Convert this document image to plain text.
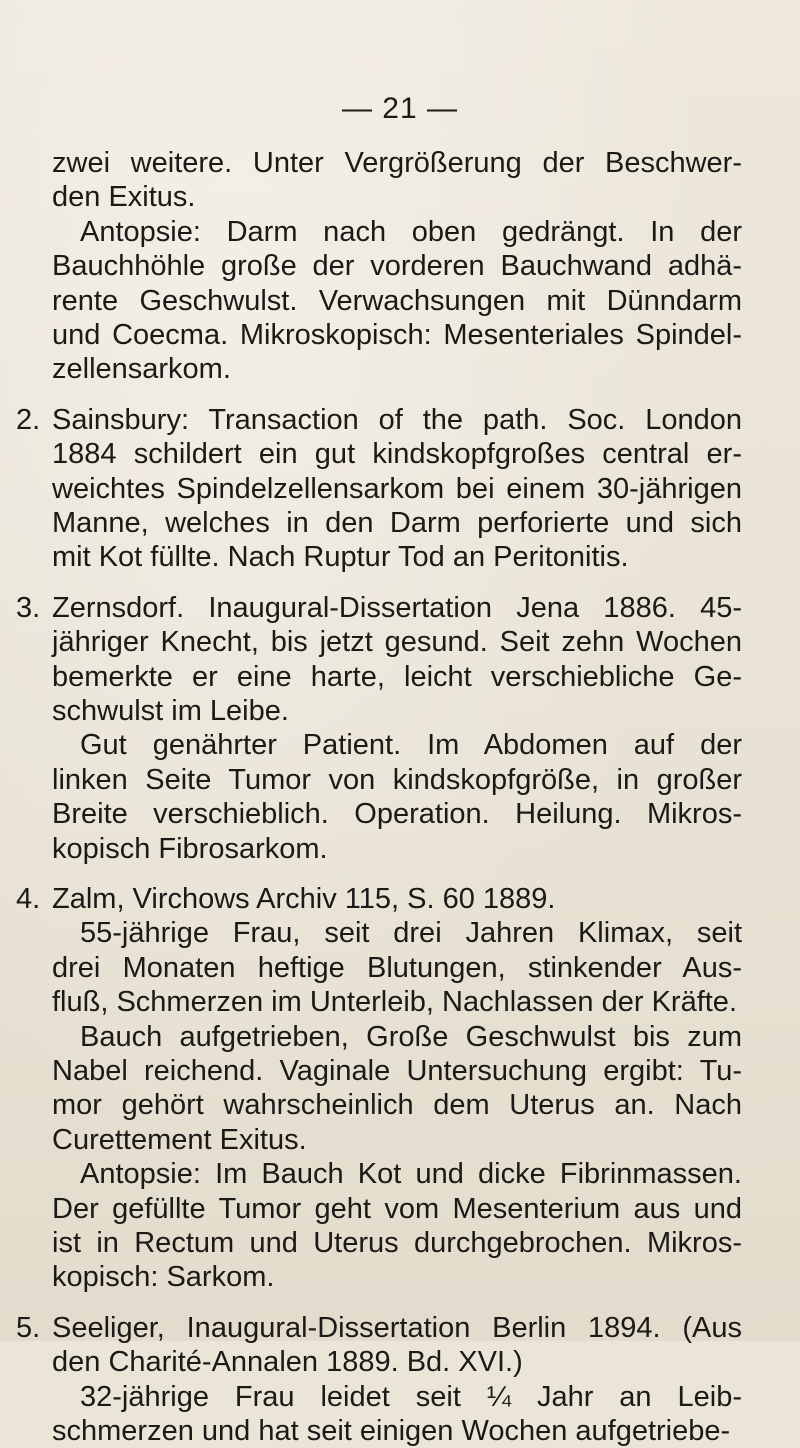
— 21 —
zwei weitere. Unter Vergrößerung der Beschwer-
den Exitus.
Antopsie: Darm nach oben gedrängt. In der
Bauchhöhle große der vorderen Bauchwand adhä-
rente Geschwulst. Verwachsungen mit Dünndarm
und Coecma. Mikroskopisch: Mesenteriales Spindel-
zellensarkom.
2. Sainsbury: Transaction of the path. Soc. London
1884 schildert ein gut kindskopfgroßes central er-
weichtes Spindelzellensarkom bei einem 30-jährigen
Manne, welches in den Darm perforierte und sich
mit Kot füllte. Nach Ruptur Tod an Peritonitis.
3. Zernsdorf. Inaugural-Dissertation Jena 1886. 45-
jähriger Knecht, bis jetzt gesund. Seit zehn Wochen
bemerkte er eine harte, leicht verschiebliche Ge-
schwulst im Leibe.
Gut genährter Patient. Im Abdomen auf der
linken Seite Tumor von kindskopfgröße, in großer
Breite verschieblich. Operation. Heilung. Mikros-
kopisch Fibrosarkom.
4. Zalm, Virchows Archiv 115, S. 60 1889.
55-jährige Frau, seit drei Jahren Klimax, seit
drei Monaten heftige Blutungen, stinkender Aus-
fluß, Schmerzen im Unterleib, Nachlassen der Kräfte.
Bauch aufgetrieben, Große Geschwulst bis zum
Nabel reichend. Vaginale Untersuchung ergibt: Tu-
mor gehört wahrscheinlich dem Uterus an. Nach
Curettement Exitus.
Antopsie: Im Bauch Kot und dicke Fibrinmassen.
Der gefüllte Tumor geht vom Mesenterium aus und
ist in Rectum und Uterus durchgebrochen. Mikros-
kopisch: Sarkom.
5. Seeliger, Inaugural-Dissertation Berlin 1894. (Aus
den Charité-Annalen 1889. Bd. XVI.)
32-jährige Frau leidet seit ¼ Jahr an Leib-
schmerzen und hat seit einigen Wochen aufgetriebe-
